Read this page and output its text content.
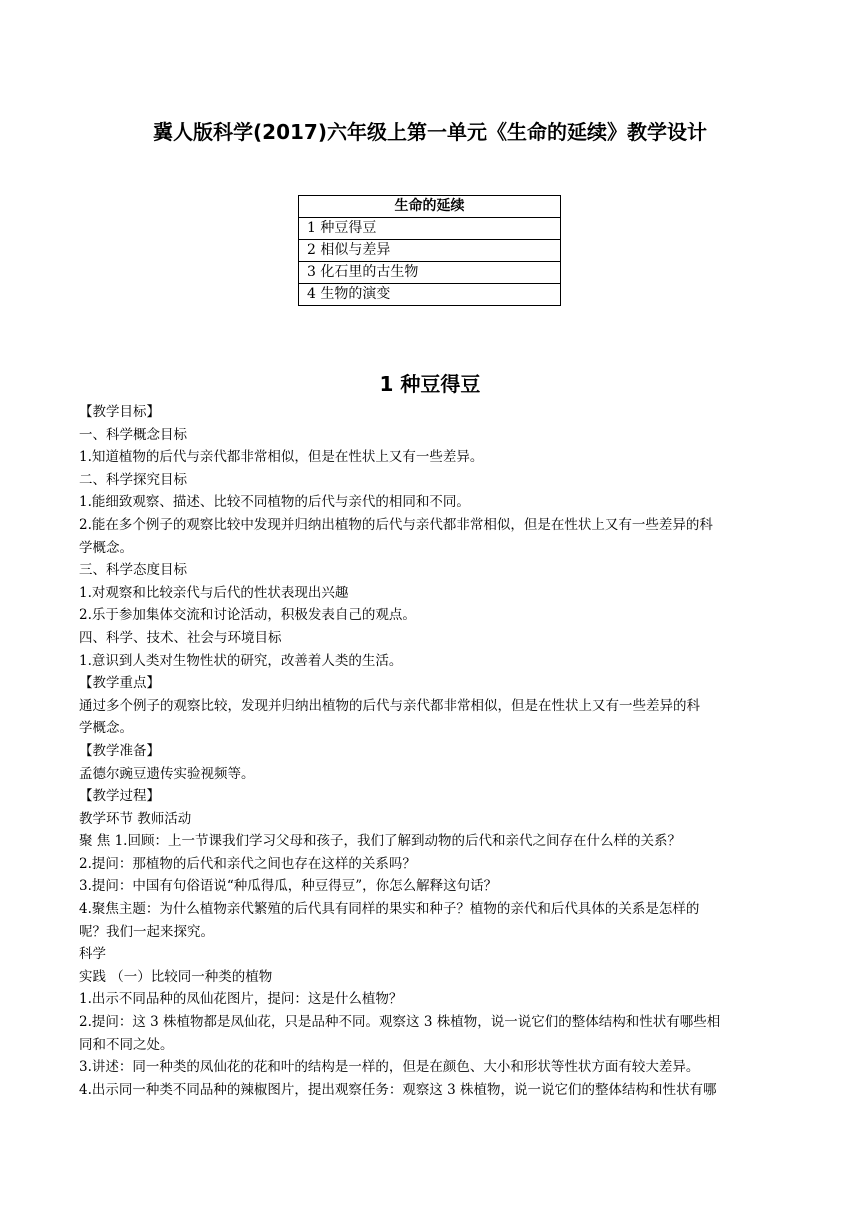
冀人版科学(2017)六年级上第一单元《生命的延续》教学设计
生命的延续
1 种豆得豆
2 相似与差异
3 化石里的古生物
4 生物的演变
1 种豆得豆

【教学目标】

一、科学概念目标

1.知道植物的后代与亲代都非常相似，但是在性状上又有一些差异。

二、科学探究目标

1.能细致观察、描述、比较不同植物的后代与亲代的相同和不同。

2.能在多个例子的观察比较中发现并归纳出植物的后代与亲代都非常相似，但是在性状上又有一些差异的科

学概念。

三、科学态度目标

1.对观察和比较亲代与后代的性状表现出兴趣

2.乐于参加集体交流和讨论活动，积极发表自己的观点。

四、科学、技术、社会与环境目标

1.意识到人类对生物性状的研究，改善着人类的生活。

【教学重点】

通过多个例子的观察比较，发现并归纳出植物的后代与亲代都非常相似，但是在性状上又有一些差异的科

学概念。

【教学准备】

孟德尔豌豆遗传实验视频等。

【教学过程】

教学环节 教师活动

聚 焦 1.回顾：上一节课我们学习父母和孩子，我们了解到动物的后代和亲代之间存在什么样的关系？

2.提问：那植物的后代和亲代之间也存在这样的关系吗？

3.提问：中国有句俗语说“种瓜得瓜，种豆得豆”，你怎么解释这句话？

4.聚焦主题：为什么植物亲代繁殖的后代具有同样的果实和种子？植物的亲代和后代具体的关系是怎样的

呢？我们一起来探究。

科学

实践 （一）比较同一种类的植物

1.出示不同品种的凤仙花图片，提问：这是什么植物？

2.提问：这 3 株植物都是凤仙花，只是品种不同。观察这 3 株植物，说一说它们的整体结构和性状有哪些相

同和不同之处。

3.讲述：同一种类的凤仙花的花和叶的结构是一样的，但是在颜色、大小和形状等性状方面有较大差异。

4.出示同一种类不同品种的辣椒图片，提出观察任务：观察这 3 株植物，说一说它们的整体结构和性状有哪
